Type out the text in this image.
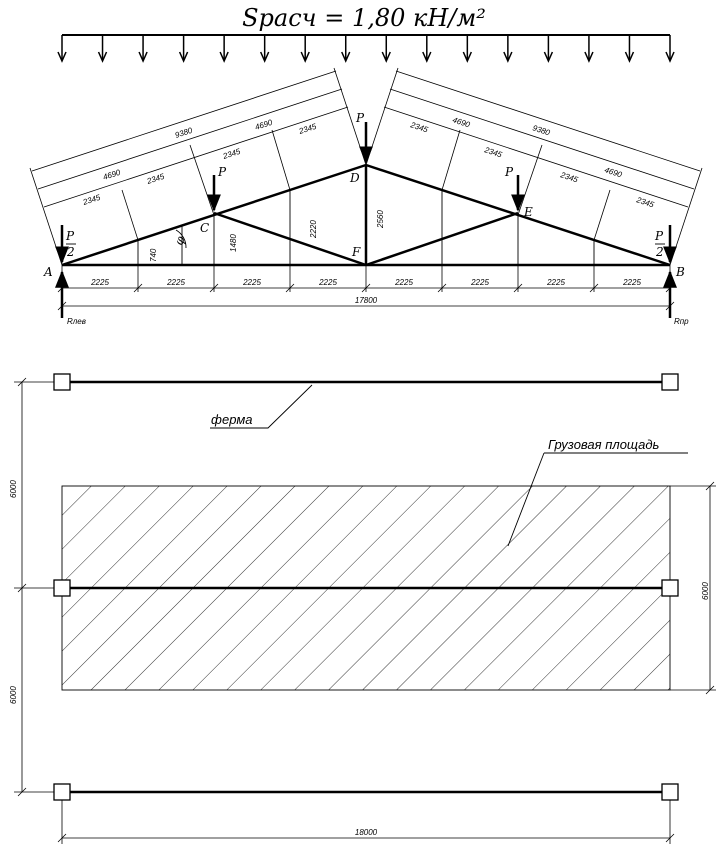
Sрасч = 1,80 кН/м²
A	B
C
D
E
F
P
P
P
P
2
P
2
Rлев	Rпр
φ
2560
2220
1480
740
2225	2225	2225	2225	2225	2225	2225	2225
17800
2345
2345
2345
2345
4690
4690
9380	2345
2345
2345
2345
4690
4690
9380
ферма
Грузовая площадь
6000
6000
6000
18000
